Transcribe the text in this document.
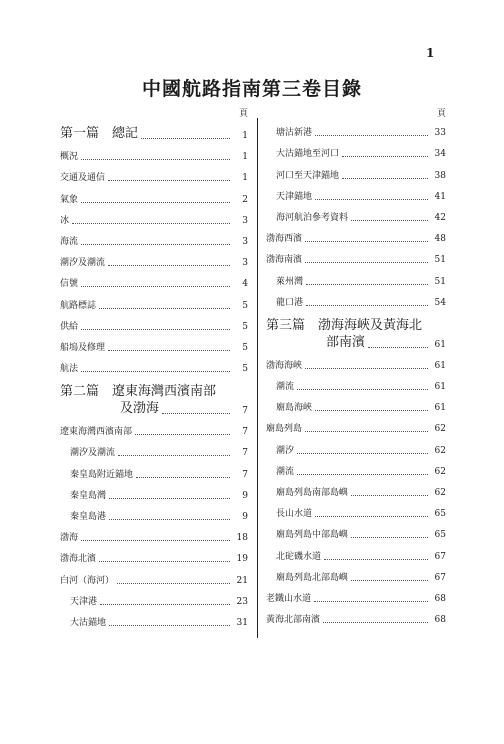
1
中國航路指南第三卷目錄
頁
第一篇　總記	1
概況	1
交通及通信	1
氣象	2
冰	3
海流	3
潮汐及潮流	3
信號	4
航路標誌	5
供給	5
船塢及修理	5
航法	5
第二篇　遼東海灣西濱南部
及渤海	7
遼東海灣西濱南部	7
潮汐及潮流	7
秦皇島附近錨地	7
秦皇島灣	9
秦皇島港	9
渤海	18
渤海北濱	19
白河（海河）	21
天津港	23
大沽錨地	31
頁
塘沽新港	33
大沽錨地至河口	34
河口至天津錨地	38
天津錨地	41
海河航泊參考資料	42
渤海西濱	48
渤海南濱	51
萊州灣	51
龍口港	54
第三篇　渤海海峽及黃海北
部南濱	61
渤海海峽	61
潮流	61
廟島海峽	61
廟島列島	62
潮汐	62
潮流	62
廟島列島南部島嶼	62
長山水道	65
廟島列島中部島嶼	65
北砣磯水道	67
廟島列島北部島嶼	67
老鐵山水道	68
黃海北部南濱	68
